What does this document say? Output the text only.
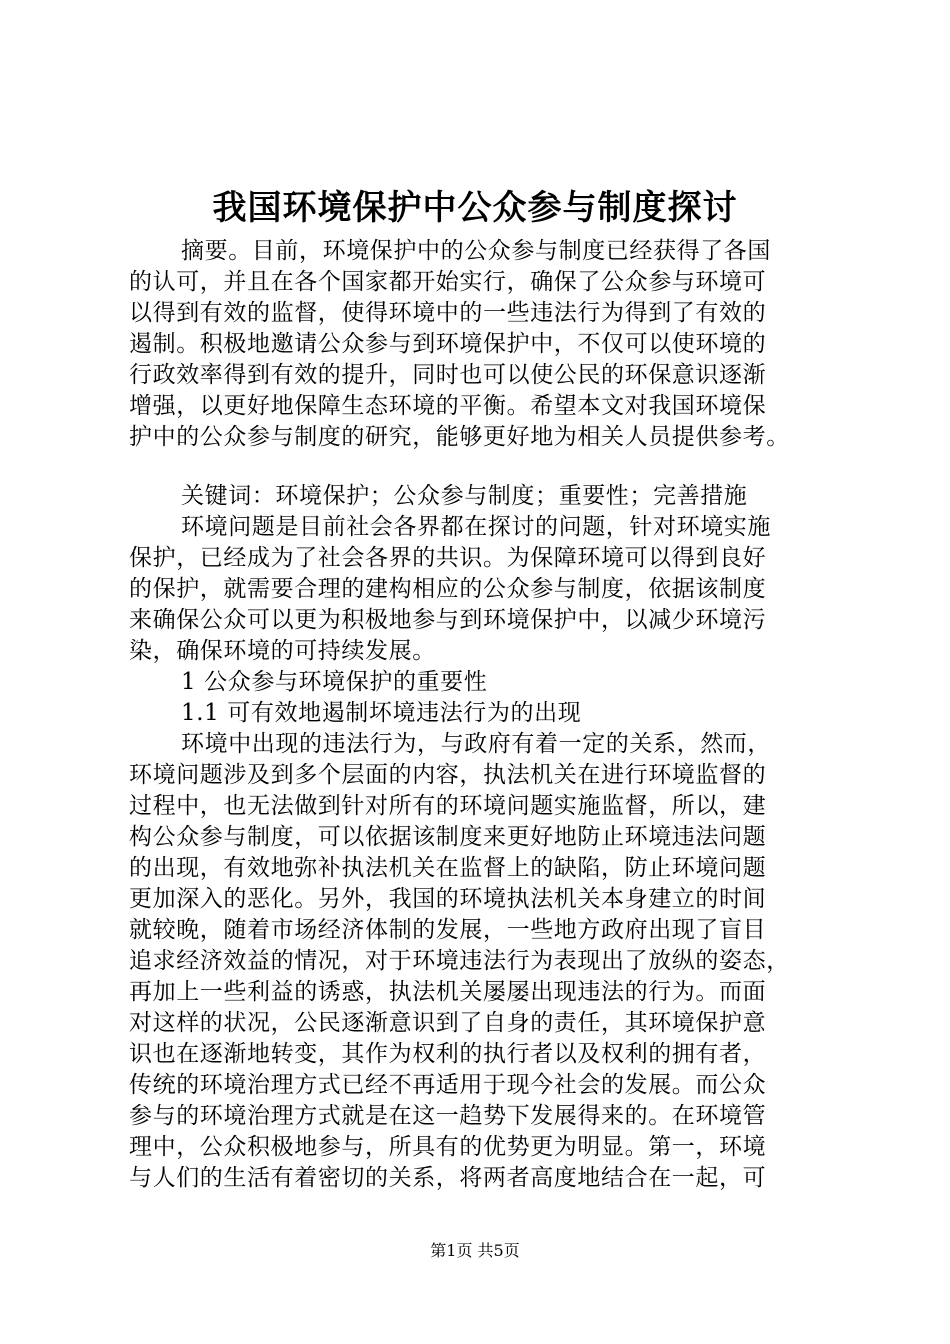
我国环境保护中公众参与制度探讨
摘要。目前，环境保护中的公众参与制度已经获得了各国
的认可，并且在各个国家都开始实行，确保了公众参与环境可
以得到有效的监督，使得环境中的一些违法行为得到了有效的
遏制。积极地邀请公众参与到环境保护中，不仅可以使环境的
行政效率得到有效的提升，同时也可以使公民的环保意识逐渐
增强，以更好地保障生态环境的平衡。希望本文对我国环境保
护中的公众参与制度的研究，能够更好地为相关人员提供参考。
关键词：环境保护；公众参与制度；重要性；完善措施
环境问题是目前社会各界都在探讨的问题，针对环境实施
保护，已经成为了社会各界的共识。为保障环境可以得到良好
的保护，就需要合理的建构相应的公众参与制度，依据该制度
来确保公众可以更为积极地参与到环境保护中，以减少环境污
染，确保环境的可持续发展。
1 公众参与环境保护的重要性
1.1 可有效地遏制坏境违法行为的出现
环境中出现的违法行为，与政府有着一定的关系，然而，
环境问题涉及到多个层面的内容，执法机关在进行环境监督的
过程中，也无法做到针对所有的环境问题实施监督，所以，建
构公众参与制度，可以依据该制度来更好地防止环境违法问题
的出现，有效地弥补执法机关在监督上的缺陷，防止环境问题
更加深入的恶化。另外，我国的环境执法机关本身建立的时间
就较晚，随着市场经济体制的发展，一些地方政府出现了盲目
追求经济效益的情况，对于环境违法行为表现出了放纵的姿态，
再加上一些利益的诱惑，执法机关屡屡出现违法的行为。而面
对这样的状况，公民逐渐意识到了自身的责任，其环境保护意
识也在逐渐地转变，其作为权利的执行者以及权利的拥有者，
传统的环境治理方式已经不再适用于现今社会的发展。而公众
参与的环境治理方式就是在这一趋势下发展得来的。在环境管
理中，公众积极地参与，所具有的优势更为明显。第一，环境
与人们的生活有着密切的关系，将两者高度地结合在一起，可
第1页 共5页
